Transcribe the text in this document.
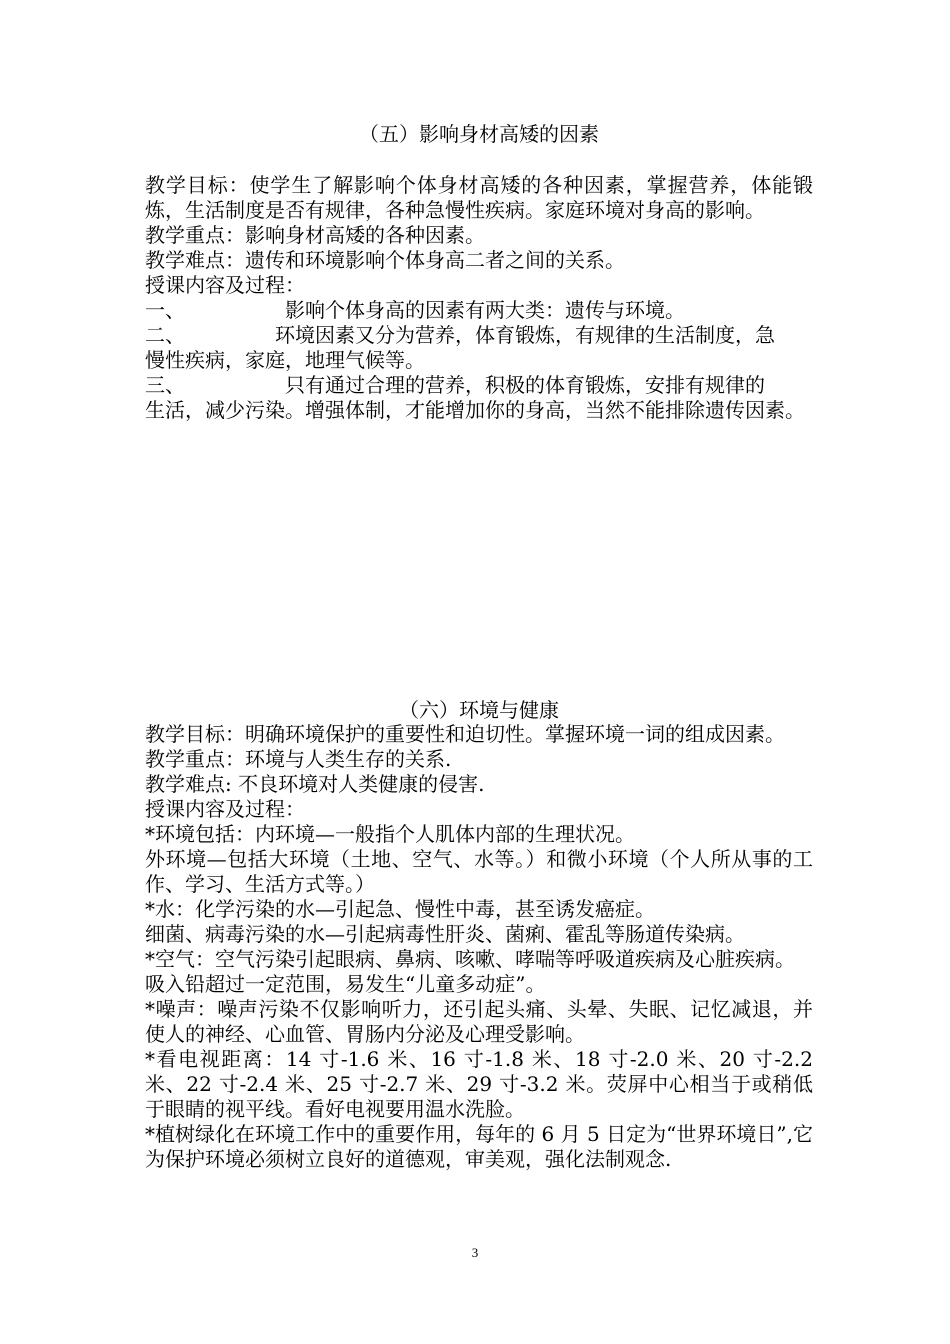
（五）影响身材高矮的因素

教学目标：使学生了解影响个体身材高矮的各种因素，掌握营养，体能锻炼，生活制度是否有规律，各种急慢性疾病。家庭环境对身高的影响。

教学重点：影响身材高矮的各种因素。

教学难点：遗传和环境影响个体身高二者之间的关系。

授课内容及过程：

一、	影响个体身高的因素有两大类：遗传与环境。

二、	环境因素又分为营养，体育锻炼，有规律的生活制度，急

慢性疾病，家庭，地理气候等。

三、	只有通过合理的营养，积极的体育锻炼，安排有规律的

生活，减少污染。增强体制，才能增加你的身高，当然不能排除遗传因素。

（六）环境与健康

教学目标：明确环境保护的重要性和迫切性。掌握环境一词的组成因素。

教学重点：环境与人类生存的关系.

教学难点: 不良环境对人类健康的侵害.

授课内容及过程：

*环境包括：内环境—一般指个人肌体内部的生理状况。

外环境—包括大环境（土地、空气、水等。）和微小环境（个人所从事的工作、学习、生活方式等。）

*水：化学污染的水—引起急、慢性中毒，甚至诱发癌症。

细菌、病毒污染的水—引起病毒性肝炎、菌痢、霍乱等肠道传染病。

*空气：空气污染引起眼病、鼻病、咳嗽、哮喘等呼吸道疾病及心脏疾病。

吸入铅超过一定范围，易发生“儿童多动症”。

*噪声：噪声污染不仅影响听力，还引起头痛、头晕、失眠、记忆减退，并使人的神经、心血管、胃肠内分泌及心理受影响。

*看电视距离：14 寸-1.6 米、16 寸-1.8 米、18 寸-2.0 米、20 寸-2.2 米、22 寸-2.4 米、25 寸-2.7 米、29 寸-3.2 米。荧屏中心相当于或稍低于眼睛的视平线。看好电视要用温水洗脸。

*植树绿化在环境工作中的重要作用，每年的 6 月 5 日定为“世界环境日”,它为保护环境必须树立良好的道德观，审美观，强化法制观念.

3
